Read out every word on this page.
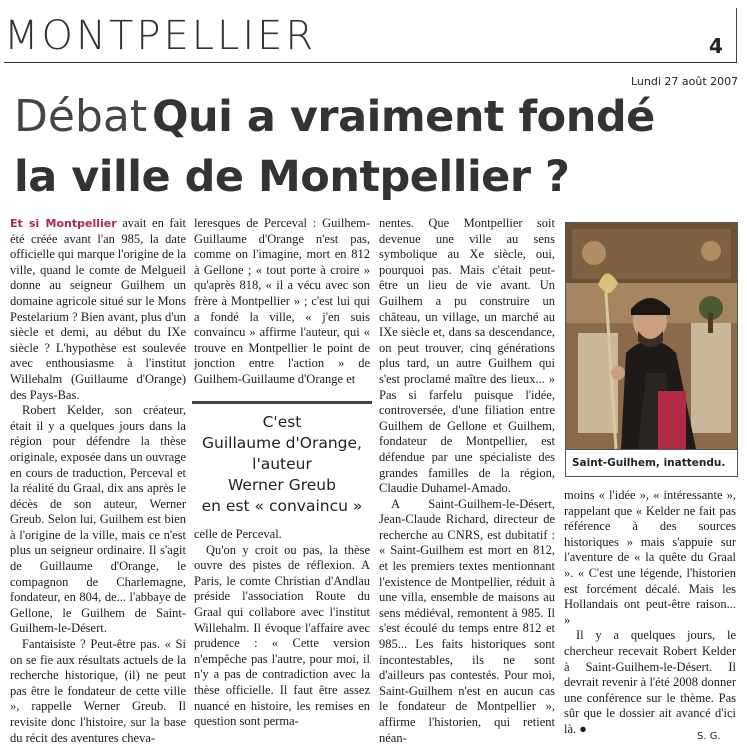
MONTPELLIER	4
Lundi 27 août 2007
Débat Qui a vraiment fondé
la ville de Montpellier ?

Et si Montpellier avait en fait été créée avant l'an 985, la date officielle qui marque l'origine de la ville, quand le comte de Melgueil donne au seigneur Guilhem un domaine agricole situé sur le Mons Pestelarium ? Bien avant, plus d'un siècle et demi, au début du IXe siècle ? L'hypothèse est soulevée avec enthousiasme à l'institut Willehalm (Guillaume d'Orange) des Pays-Bas.

Robert Kelder, son créateur, était il y a quelques jours dans la région pour défendre la thèse originale, exposée dans un ouvrage en cours de traduction, Perceval et la réalité du Graal, dix ans après le décès de son auteur, Werner Greub. Selon lui, Guilhem est bien à l'origine de la ville, mais ce n'est plus un seigneur ordinaire. Il s'agit de Guillaume d'Orange, le compagnon de Charlemagne, fondateur, en 804, de... l'abbaye de Gellone, le Guilhem de Saint-Guilhem-le-Désert.

Fantaisiste ? Peut-être pas. « Si on se fie aux résultats actuels de la recherche historique, (il) ne peut pas être le fondateur de cette ville », rappelle Werner Greub. Il revisite donc l'histoire, sur la base du récit des aventures cheva-

leresques de Perceval : Guilhem-Guillaume d'Orange n'est pas, comme on l'imagine, mort en 812 à Gellone ; « tout porte à croire » qu'après 818, « il a vécu avec son frère à Montpellier » ; c'est lui qui a fondé la ville, « j'en suis convaincu » affirme l'auteur, qui « trouve en Montpellier le point de jonction entre l'action » de Guilhem-Guillaume d'Orange et

C'est
Guillaume d'Orange,
l'auteur
Werner Greub
en est « convaincu »

celle de Perceval.

Qu'on y croit ou pas, la thèse ouvre des pistes de réflexion. A Paris, le comte Christian d'Andlau préside l'association Route du Graal qui collabore avec l'institut Willehalm. Il évoque l'affaire avec prudence : « Cette version n'empêche pas l'autre, pour moi, il n'y a pas de contradiction avec la thèse officielle. Il faut être assez nuancé en histoire, les remises en question sont perma-

nentes. Que Montpellier soit devenue une ville au sens symbolique au Xe siècle, oui, pourquoi pas. Mais c'était peut-être un lieu de vie avant. Un Guilhem a pu construire un château, un village, un marché au IXe siècle et, dans sa descendance, on peut trouver, cinq générations plus tard, un autre Guilhem qui s'est proclamé maître des lieux... » Pas si farfelu puisque l'idée, controversée, d'une filiation entre Guilhem de Gellone et Guilhem, fondateur de Montpellier, est défendue par une spécialiste des grandes familles de la région, Claudie Duhamel-Amado.

A Saint-Guilhem-le-Désert, Jean-Claude Richard, directeur de recherche au CNRS, est dubitatif : « Saint-Guilhem est mort en 812, et les premiers textes mentionnant l'existence de Montpellier, réduit à une villa, ensemble de maisons au sens médiéval, remontent à 985. Il s'est écoulé du temps entre 812 et 985... Les faits historiques sont incontestables, ils ne sont d'ailleurs pas contestés. Pour moi, Saint-Guilhem n'est en aucun cas le fondateur de Montpellier », affirme l'historien, qui retient néan-

Saint-Guilhem, inattendu.

moins « l'idée », « intéressante », rappelant que « Kelder ne fait pas référence à des sources historiques » mais s'appuie sur l'aventure de « la quête du Graal ». « C'est une légende, l'historien est forcément décalé. Mais les Hollandais ont peut-être raison... »

Il y a quelques jours, le chercheur recevait Robert Kelder à Saint-Guilhem-le-Désert. Il devrait revenir à l'été 2008 donner une conférence sur le thème. Pas sûr que le dossier ait avancé d'ici là. ●

S. G.
